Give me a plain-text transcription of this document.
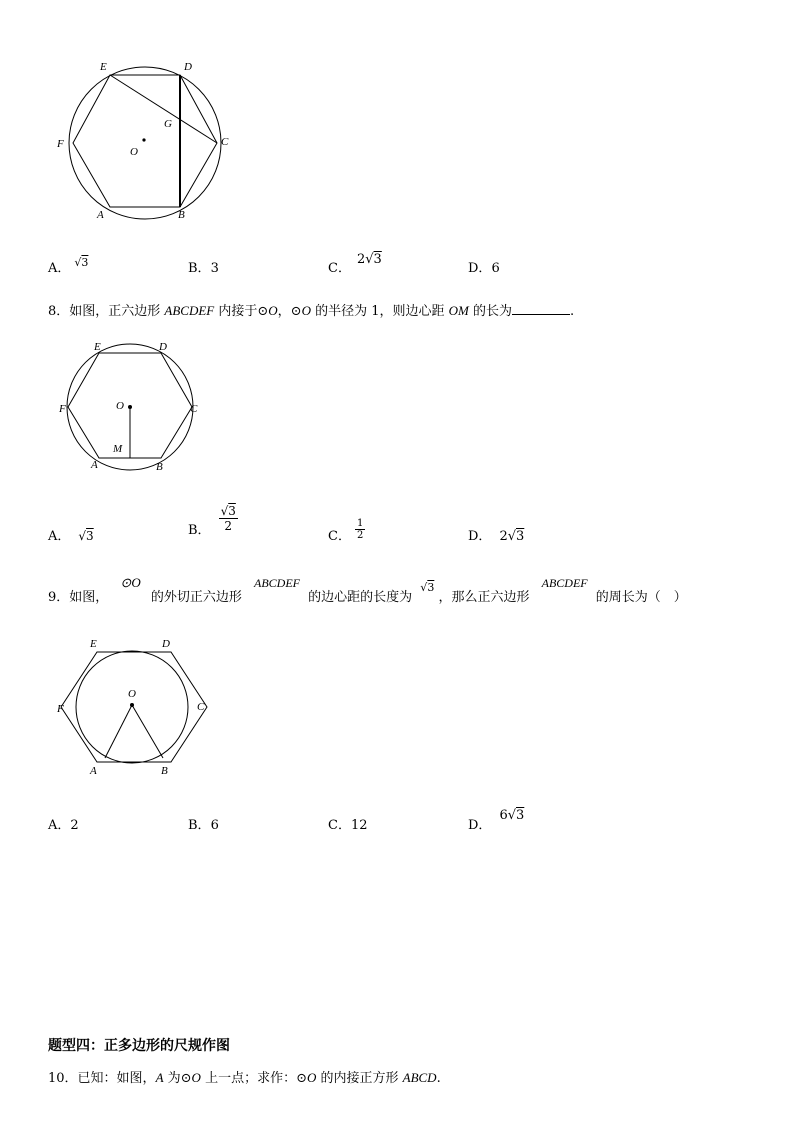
E	D
F
G
C
O
A	B
A． $^{√3}$	B．3	C．2√3
D．6
8．如图，正六边形 ABCDEF 内接于⊙O，⊙O 的半径为 1，则边心距 OM 的长为	.
E	D
F	O	C
M
A	B
A． √3	B． $\frac{√3}{2}$
C． $\frac{1}{2}$	D． 2√3
9．如图， ⊙O 的外切正六边形 ABCDEF 的边心距的长度为 $^{√3}$ ，那么正六边形 ABCDEF 的周长为（　）
E	D
F
O
C
A	B
A．2	B．6	C．12	D．6√3
题型四：正多边形的尺规作图
10．已知：如图，A 为⊙O 上一点；求作：⊙O 的内接正方形 ABCD.
